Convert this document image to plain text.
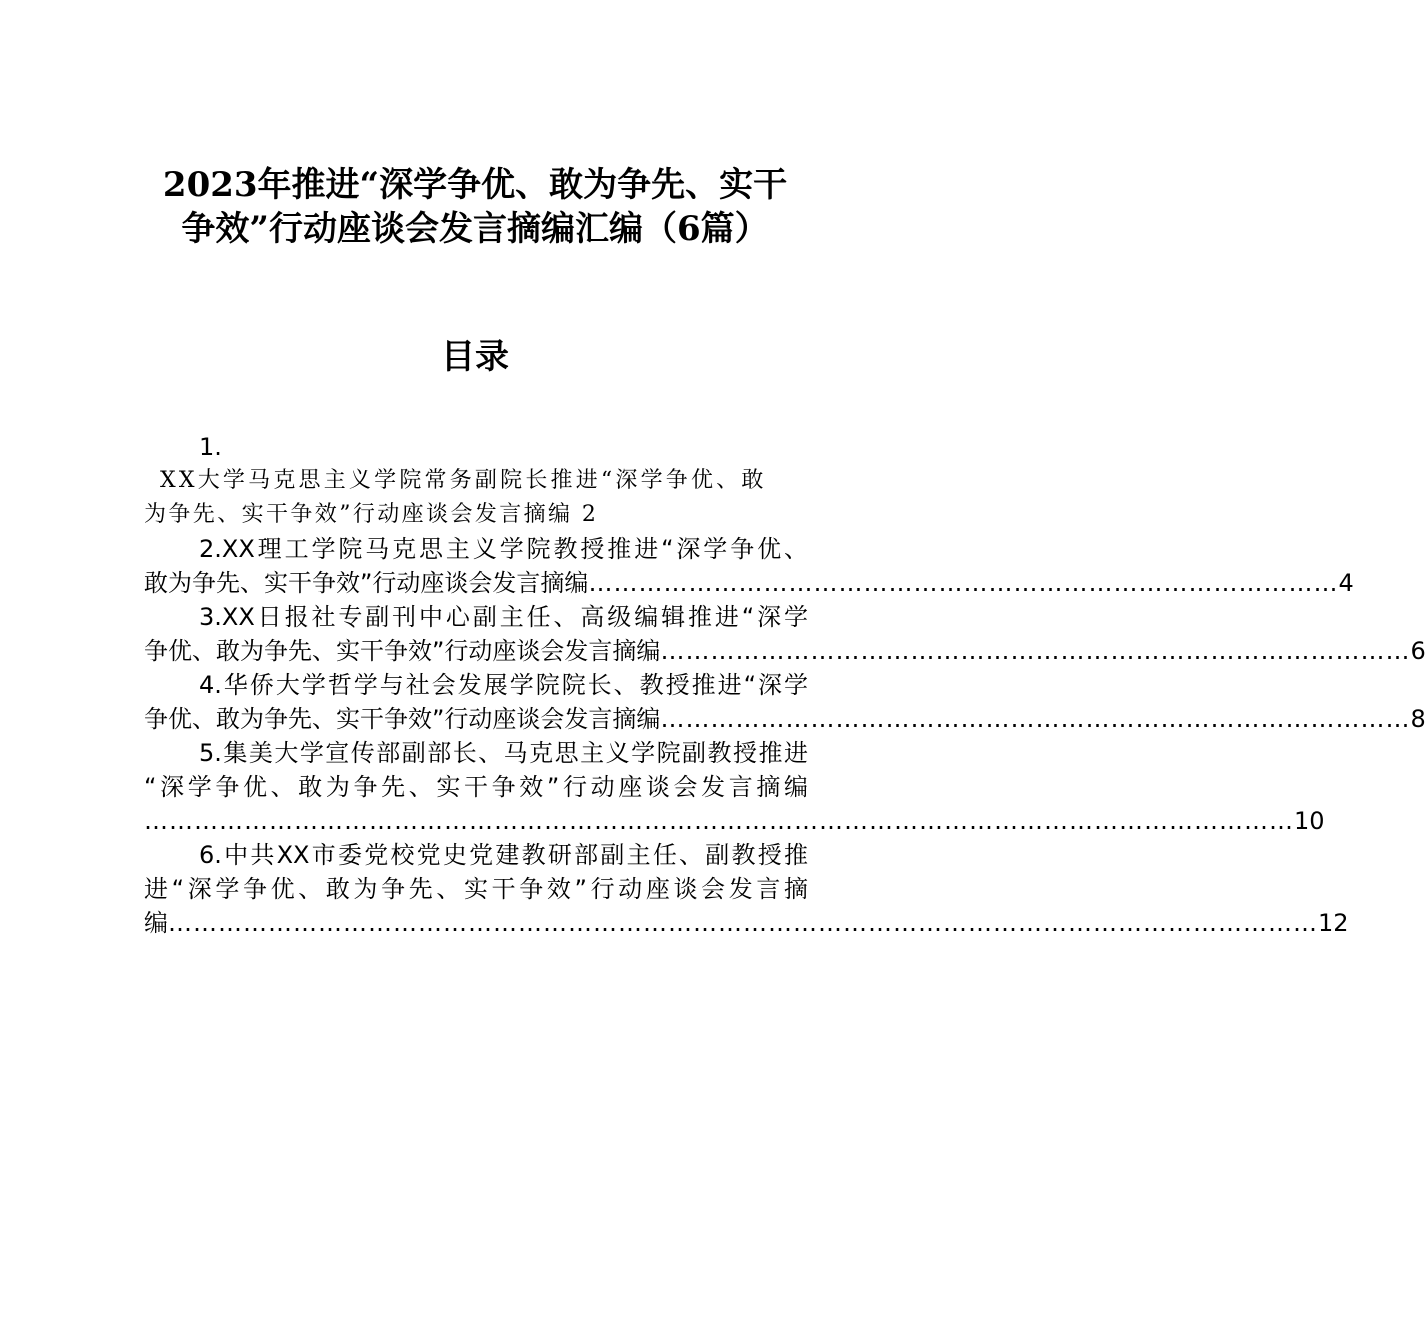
2023年推进“深学争优、敢为争先、实干
争效”行动座谈会发言摘编汇编（6篇）
目录
1.
XX大学马克思主义学院常务副院长推进“深学争优、敢
为争先、实干争效”行动座谈会发言摘编 2
2.XX理工学院马克思主义学院教授推进“深学争优、
敢为争先、实干争效”行动座谈会发言摘编 ……………………………………………………………………………… 4
3.XX日报社专副刊中心副主任、高级编辑推进“深学
争优、敢为争先、实干争效”行动座谈会发言摘编 ……………………………………………………………………………… 6
4.华侨大学哲学与社会发展学院院长、教授推进“深学
争优、敢为争先、实干争效”行动座谈会发言摘编 ……………………………………………………………………………… 8
5.集美大学宣传部副部长、马克思主义学院副教授推进
“深学争优、敢为争先、实干争效”行动座谈会发言摘编
………………………………………………………………………………………………………………………… 10
6.中共XX市委党校党史党建教研部副主任、副教授推
进“深学争优、敢为争先、实干争效”行动座谈会发言摘
编 ………………………………………………………………………………………………………………………… 12
